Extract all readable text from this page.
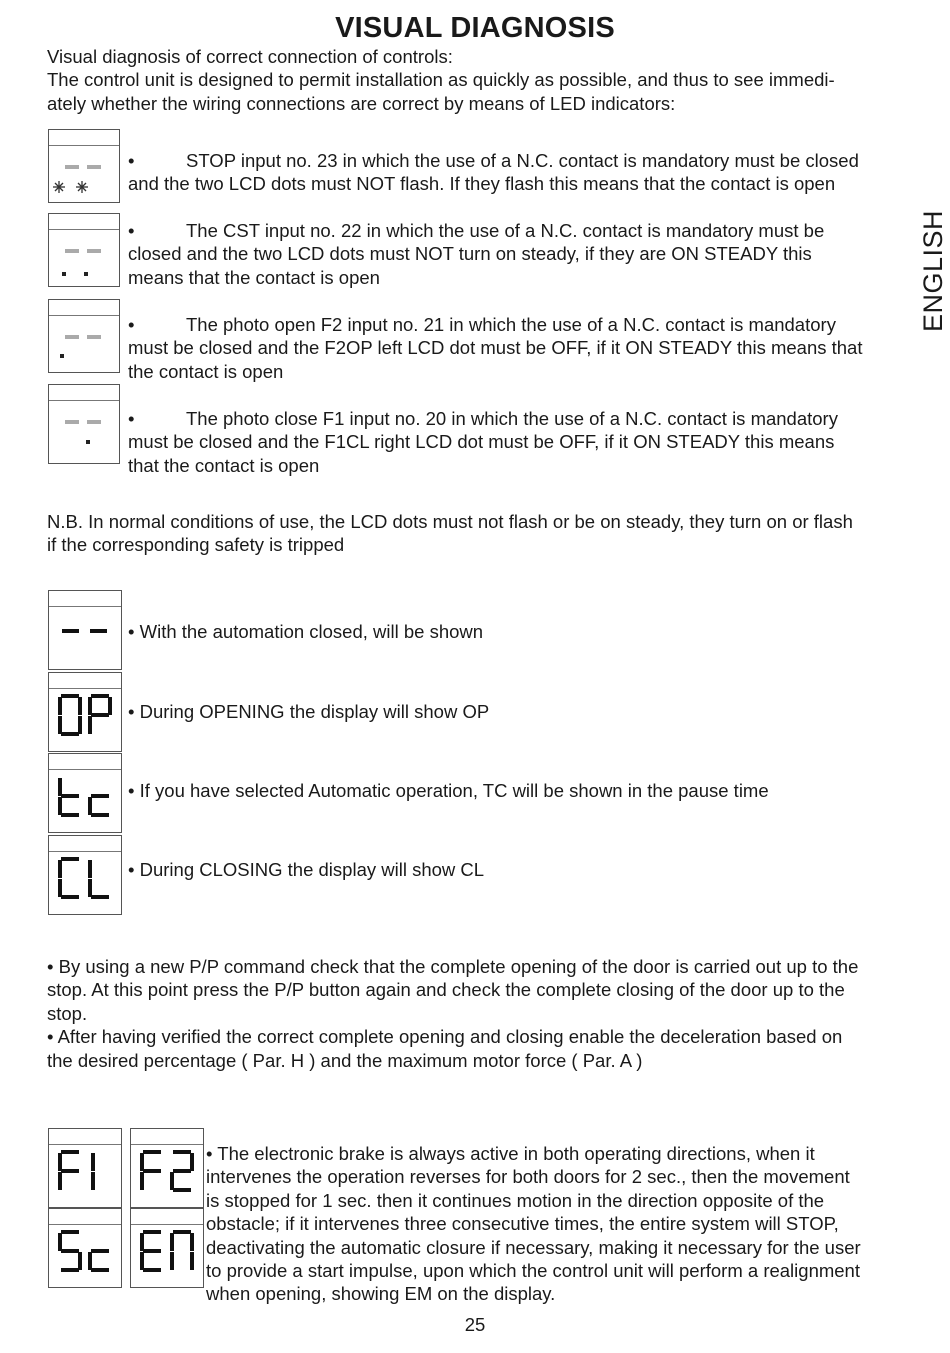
VISUAL DIAGNOSIS
Visual diagnosis of correct connection of controls:
The control unit is designed to permit installation as quickly as possible, and thus to see immedi-
ately whether the wiring connections are correct by means of LED indicators:
ENGLISH
•	STOP input no. 23 in which the use of a N.C. contact is mandatory must be closed
and the two LCD dots must NOT flash. If they flash this means that the contact is open
•	The CST input no. 22 in which the use of a N.C. contact is mandatory must be
closed and the two LCD dots must NOT turn on steady, if they are ON STEADY this
means that the contact is open
•	The photo open F2 input no. 21 in which the use of a N.C. contact is mandatory
must be closed and the F2OP left LCD dot must be OFF, if it ON STEADY this means that
the contact is open
•	The photo close F1 input no. 20 in which the use of a N.C. contact is mandatory
must be closed and the F1CL right LCD dot must be OFF, if it ON STEADY this means
that the contact is open
N.B. In normal conditions of use, the LCD dots must not flash or be on steady, they turn on or flash
if the corresponding safety is tripped
• With the automation closed, will be shown
• During OPENING the display will show OP
• If you have selected Automatic operation, TC will be shown in the pause time
• During CLOSING the display will show CL
• By using a new P/P command check that the complete opening of the door is carried out up to the
stop. At this point press the P/P button again and check the complete closing of the door up to the
stop.
• After having verified the correct complete opening and closing enable the deceleration based on
the desired percentage ( Par. H ) and the maximum motor force ( Par. A )
• The electronic brake is always active in both operating directions, when it
intervenes the operation reverses for both doors for 2 sec., then the movement
is stopped for 1 sec. then it continues motion in the direction opposite of the
obstacle; if it intervenes three consecutive times, the entire system will STOP,
deactivating the automatic closure if necessary, making it necessary for the user
to provide a start impulse, upon which the control unit will perform a realignment
when opening, showing EM on the display.
25
